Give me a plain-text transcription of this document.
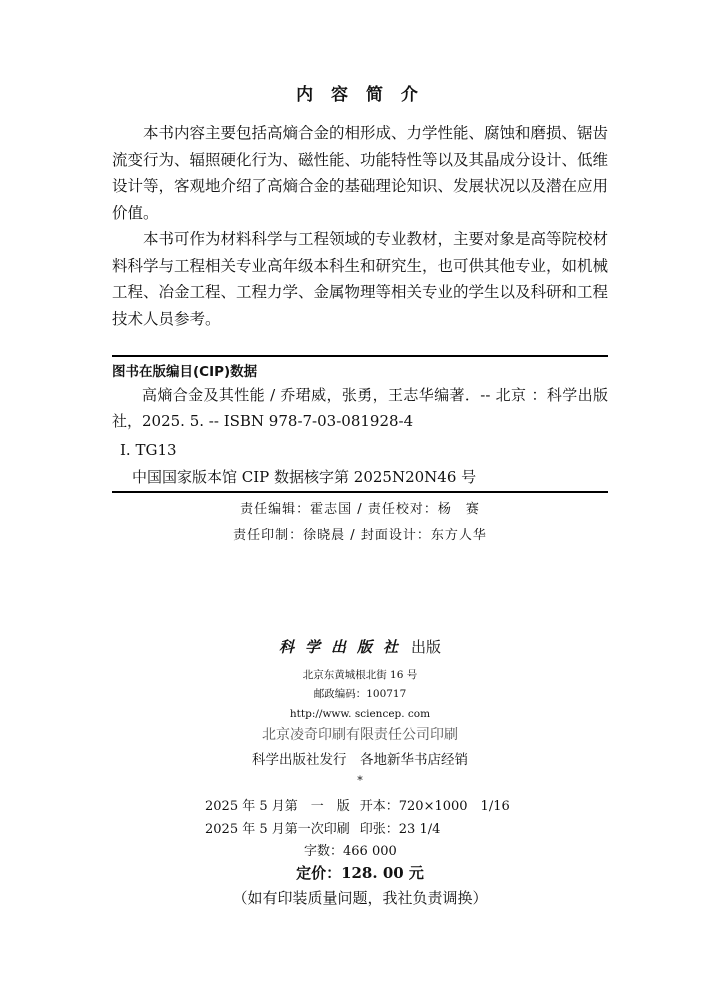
内 容 简 介

本书内容主要包括高熵合金的相形成、力学性能、腐蚀和磨损、锯齿流变行为、辐照硬化行为、磁性能、功能特性等以及其晶成分设计、低维设计等，客观地介绍了高熵合金的基础理论知识、发展状况以及潜在应用价值。

本书可作为材料科学与工程领域的专业教材，主要对象是高等院校材料科学与工程相关专业高年级本科生和研究生，也可供其他专业，如机械工程、冶金工程、工程力学、金属物理等相关专业的学生以及科研和工程技术人员参考。

图书在版编目(CIP)数据
高熵合金及其性能 / 乔珺威，张勇，王志华编著．-- 北京 ：科学出版社，2025. 5. -- ISBN 978-7-03-081928-4
Ⅰ. TG13
中国国家版本馆 CIP 数据核字第 2025N20N46 号
责任编辑：霍志国 / 责任校对：杨　赛
责任印制：徐晓晨 / 封面设计：东方人华
科学出版社 出版
北京东黄城根北街 16 号
邮政编码：100717
http://www. sciencep. com
北京凌奇印刷有限责任公司印刷
科学出版社发行　各地新华书店经销
*
2025 年 5 月第　一　版 开本：720×1000　1/16
2025 年 5 月第一次印刷 印张：23 1/4
字数：466 000
定价：128. 00 元
（如有印装质量问题，我社负责调换）
